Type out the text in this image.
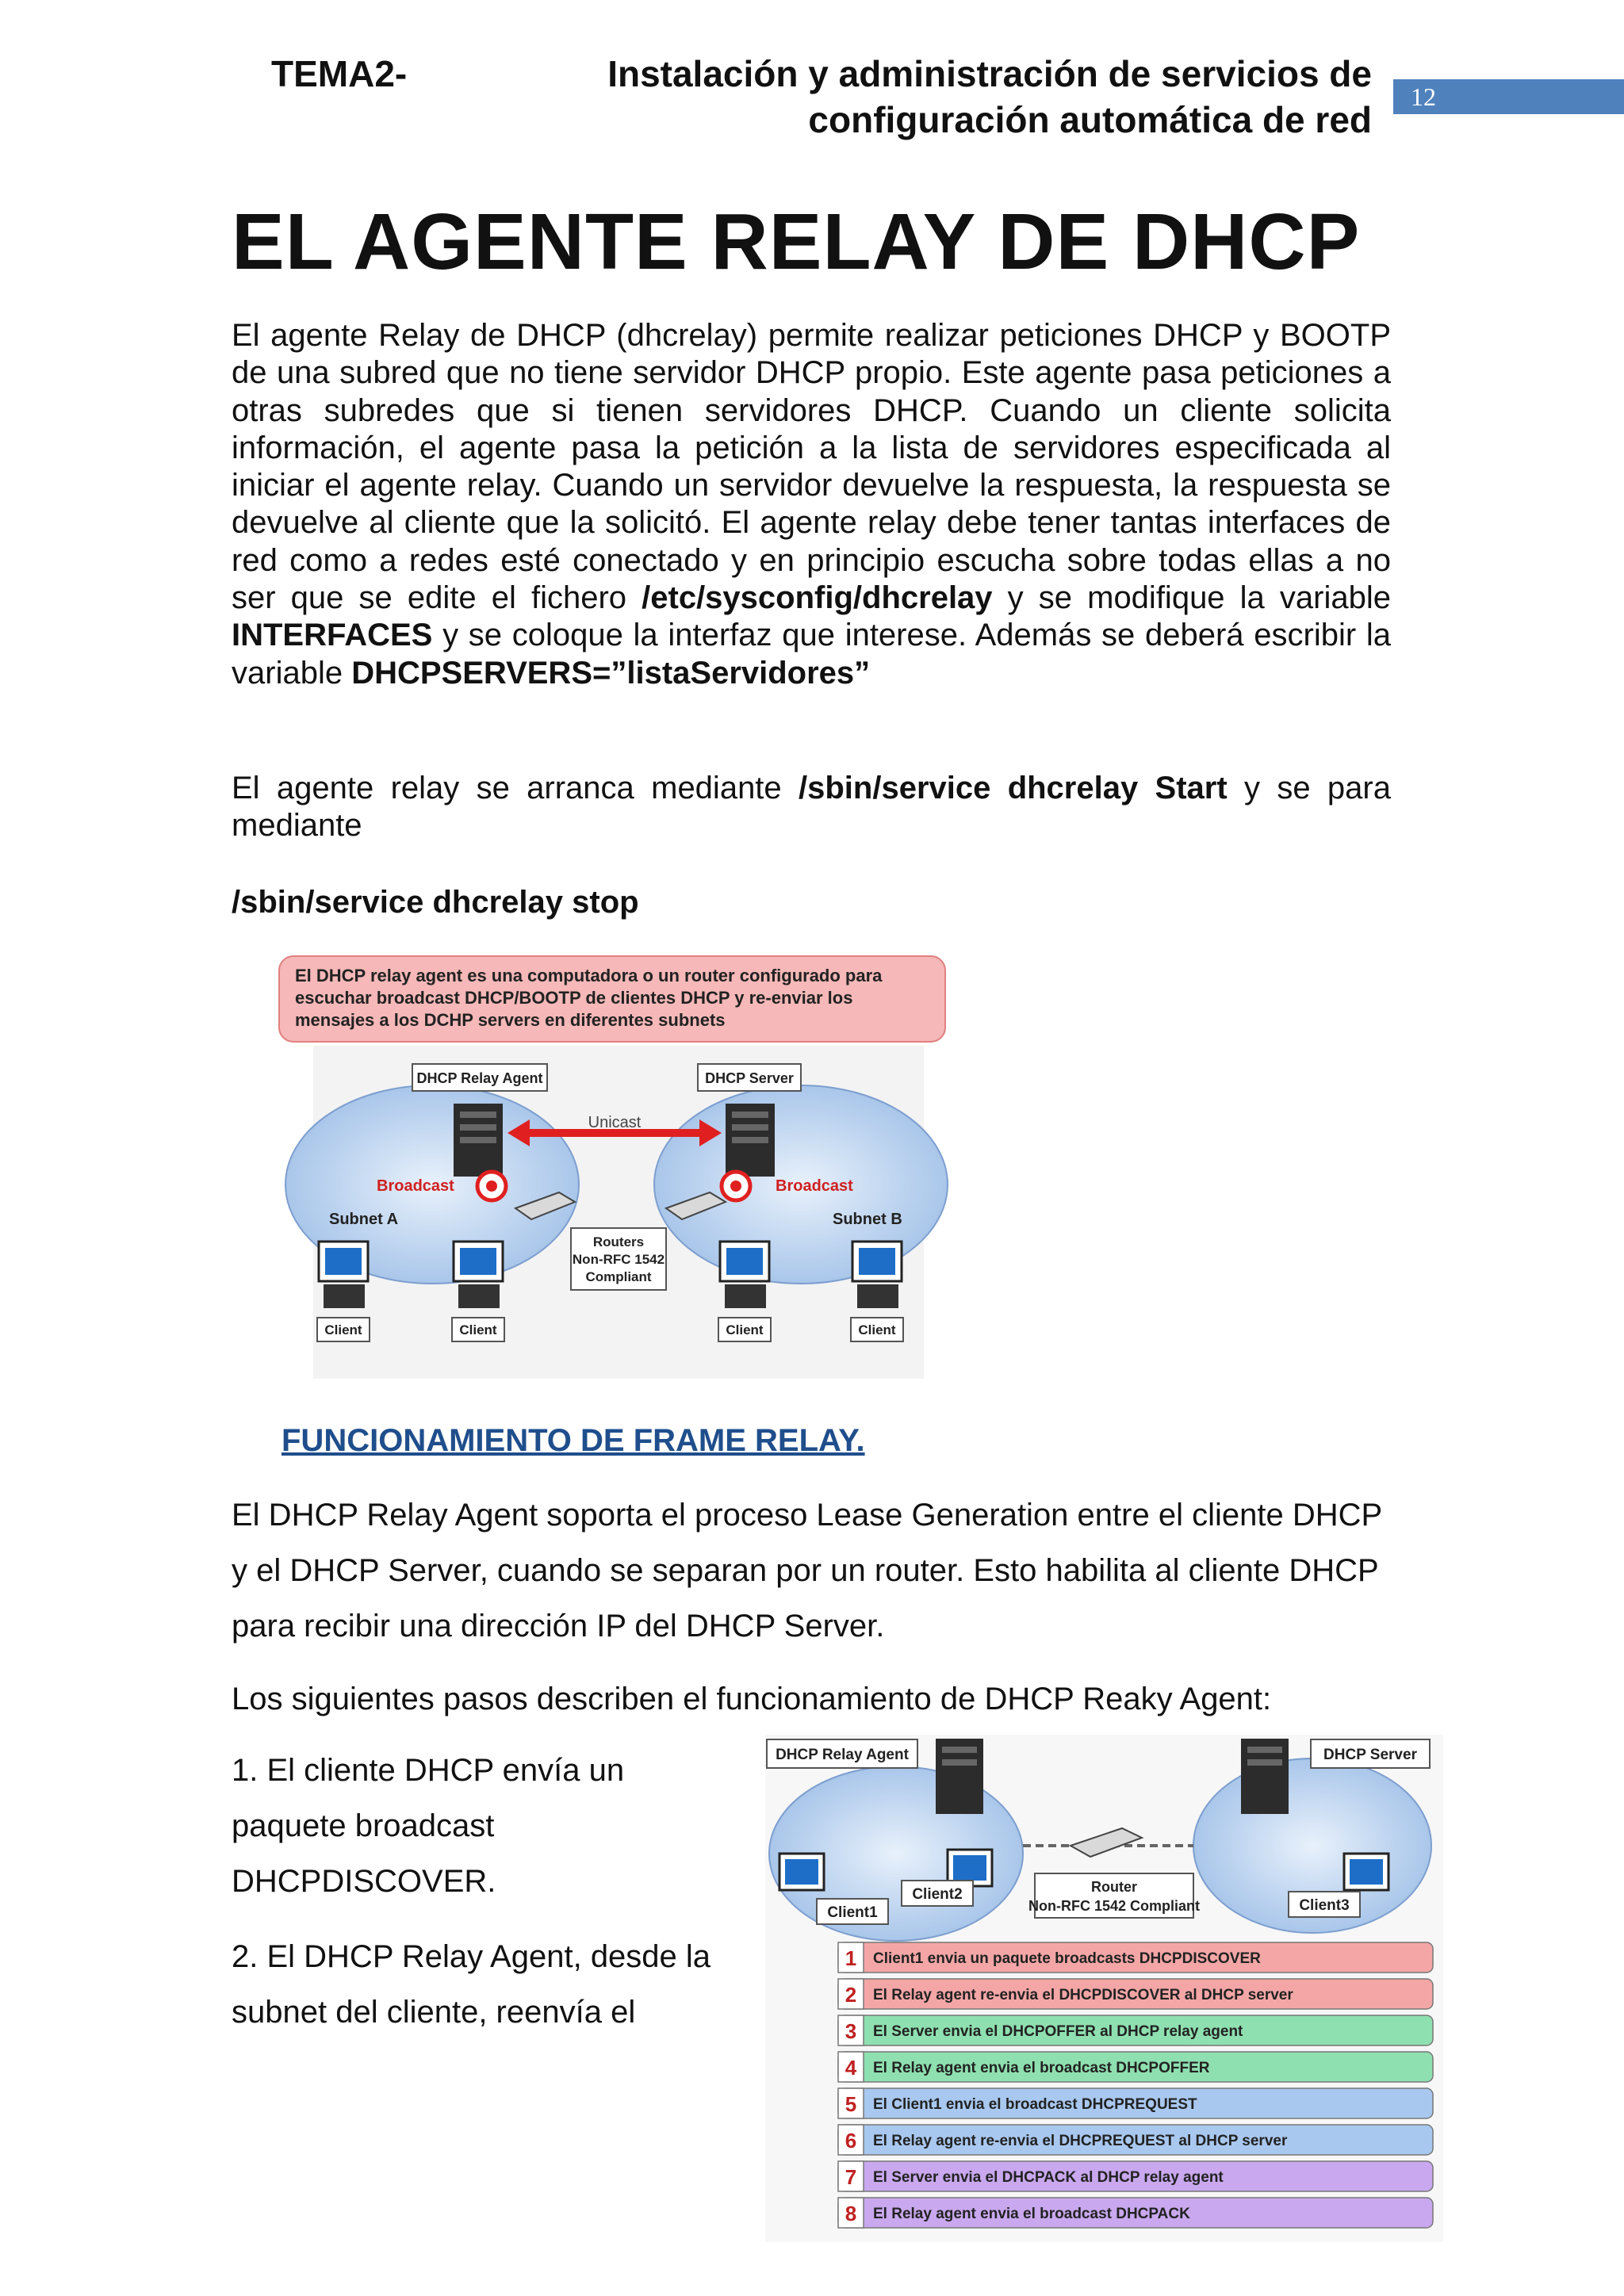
TEMA2-	Instalación y administración de servicios de
configuración automática de red
12
EL AGENTE RELAY DE DHCP
El agente Relay de DHCP (dhcrelay) permite realizar peticiones DHCP y BOOTP de una subred que no tiene servidor DHCP propio. Este agente pasa peticiones a otras subredes que si tienen servidores DHCP. Cuando un cliente solicita información, el agente pasa la petición a la lista de servidores especificada al iniciar el agente relay. Cuando un servidor devuelve la respuesta, la respuesta se devuelve al cliente que la solicitó. El agente relay debe tener tantas interfaces de red como a redes esté conectado y en principio escucha sobre todas ellas a no ser que se edite el fichero /etc/sysconfig/dhcrelay y se modifique la variable INTERFACES y se coloque la interfaz que interese. Además se deberá escribir la variable DHCPSERVERS=”listaServidores”
El agente relay se arranca mediante /sbin/service dhcrelay Start y se para mediante
/sbin/service dhcrelay stop
El DHCP relay agent es una computadora o un router configurado para
escuchar broadcast DHCP/BOOTP de clientes DHCP y re-enviar los
mensajes a los DCHP servers en diferentes subnets
DHCP Relay Agent	DHCP Server
Unicast
Broadcast	Broadcast
Subnet A	Subnet B
Routers
Non-RFC 1542
Compliant
Client	Client	Client	Client
FUNCIONAMIENTO DE FRAME RELAY.
El DHCP Relay Agent soporta el proceso Lease Generation entre el cliente DHCP y el DHCP Server, cuando se separan por un router. Esto habilita al cliente DHCP para recibir una dirección IP del DHCP Server.
Los siguientes pasos describen el funcionamiento de DHCP Reaky Agent:
1. El cliente DHCP envía un paquete broadcast DHCPDISCOVER.
2. El DHCP Relay Agent, desde la subnet del cliente, reenvía el
DHCP Relay Agent	DHCP Server
Router
Non-RFC 1542 Compliant
Client1
Client2
Client3
1 Client1 envia un paquete broadcasts DHCPDISCOVER
2 El Relay agent re-envia el DHCPDISCOVER al DHCP server
3 El Server envia el DHCPOFFER al DHCP relay agent
4 El Relay agent envia el broadcast DHCPOFFER
5 El Client1 envia el broadcast DHCPREQUEST
6 El Relay agent re-envia el DHCPREQUEST al DHCP server
7 El Server envia el DHCPACK al DHCP relay agent
8 El Relay agent envia el broadcast DHCPACK
